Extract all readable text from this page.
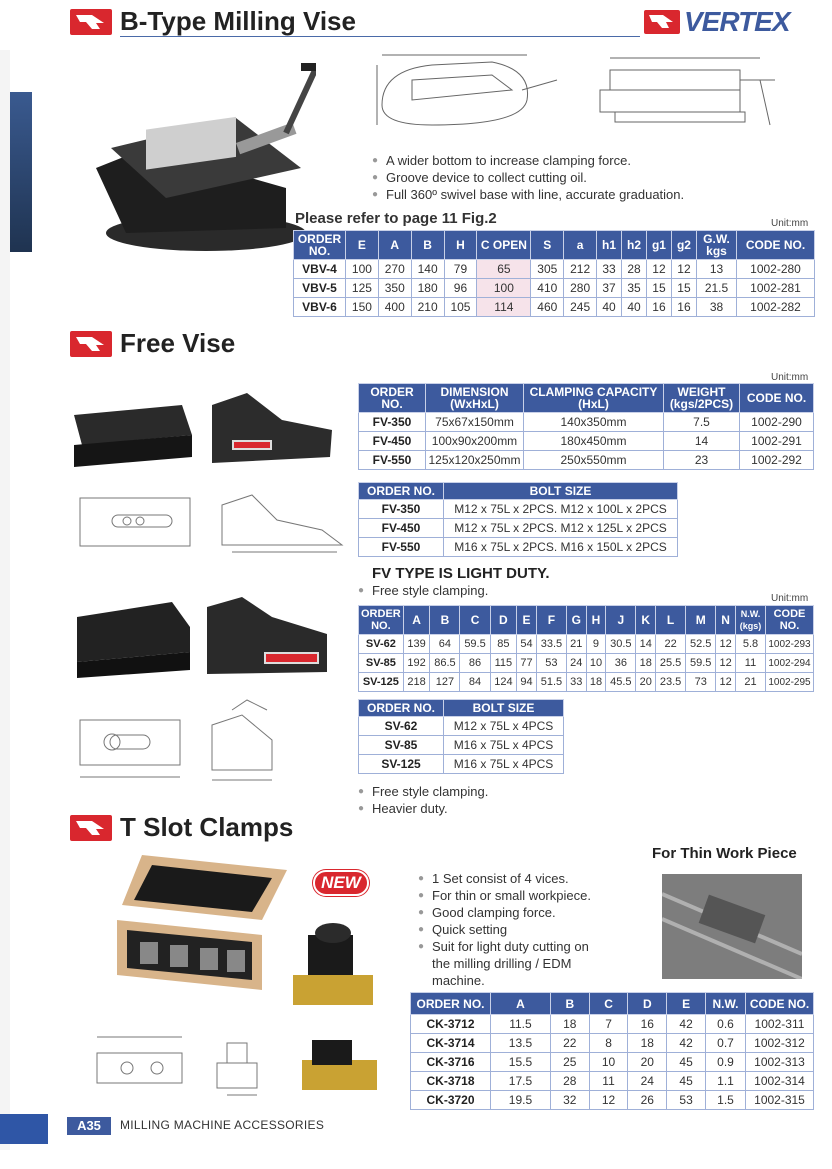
B-Type Milling Vise	VERTEX
● A wider bottom to increase clamping force.
● Groove device to collect cutting oil.
● Full 360º swivel base with line, accurate graduation.
Please refer to page 11 Fig.2	Unit:mm
ORDER NO.	E	A	B	H	C OPEN	S	a	h1	h2	g1	g2	G.W. kgs	CODE NO.
VBV-4	100	270	140	79	65	305	212	33	28	12	12	13	1002-280
VBV-5	125	350	180	96	100	410	280	37	35	15	15	21.5	1002-281
VBV-6	150	400	210	105	114	460	245	40	40	16	16	38	1002-282
Free Vise
Unit:mm
ORDER NO.	DIMENSION (WxHxL)	CLAMPING CAPACITY (HxL)	WEIGHT (kgs/2PCS)	CODE NO.
FV-350	75x67x150mm	140x350mm	7.5	1002-290
FV-450	100x90x200mm	180x450mm	14	1002-291
FV-550	125x120x250mm	250x550mm	23	1002-292
ORDER NO.	BOLT SIZE
FV-350	M12 x 75L x 2PCS. M12 x 100L x 2PCS
FV-450	M12 x 75L x 2PCS. M12 x 125L x 2PCS
FV-550	M16 x 75L x 2PCS. M16 x 150L x 2PCS
FV TYPE IS LIGHT DUTY.
● Free style clamping.
Unit:mm
ORDER NO.	A	B	C	D	E	F	G	H	J	K	L	M	N	N.W. (kgs)	CODE NO.
SV-62	139	64	59.5	85	54	33.5	21	9	30.5	14	22	52.5	12	5.8	1002-293
SV-85	192	86.5	86	115	77	53	24	10	36	18	25.5	59.5	12	11	1002-294
SV-125	218	127	84	124	94	51.5	33	18	45.5	20	23.5	73	12	21	1002-295
ORDER NO.	BOLT SIZE
SV-62	M12 x 75L x 4PCS
SV-85	M16 x 75L x 4PCS
SV-125	M16 x 75L x 4PCS
● Free style clamping.
● Heavier duty.
T Slot Clamps
For Thin Work Piece
NEW	● 1 Set consist of 4 vices.
● For thin or small workpiece.
● Good clamping force.
● Quick setting
● Suit for light duty cutting on the milling drilling / EDM machine.
ORDER NO.	A	B	C	D	E	N.W.	CODE NO.
CK-3712	11.5	18	7	16	42	0.6	1002-311
CK-3714	13.5	22	8	18	42	0.7	1002-312
CK-3716	15.5	25	10	20	45	0.9	1002-313
CK-3718	17.5	28	11	24	45	1.1	1002-314
CK-3720	19.5	32	12	26	53	1.5	1002-315
A35	MILLING MACHINE ACCESSORIES
